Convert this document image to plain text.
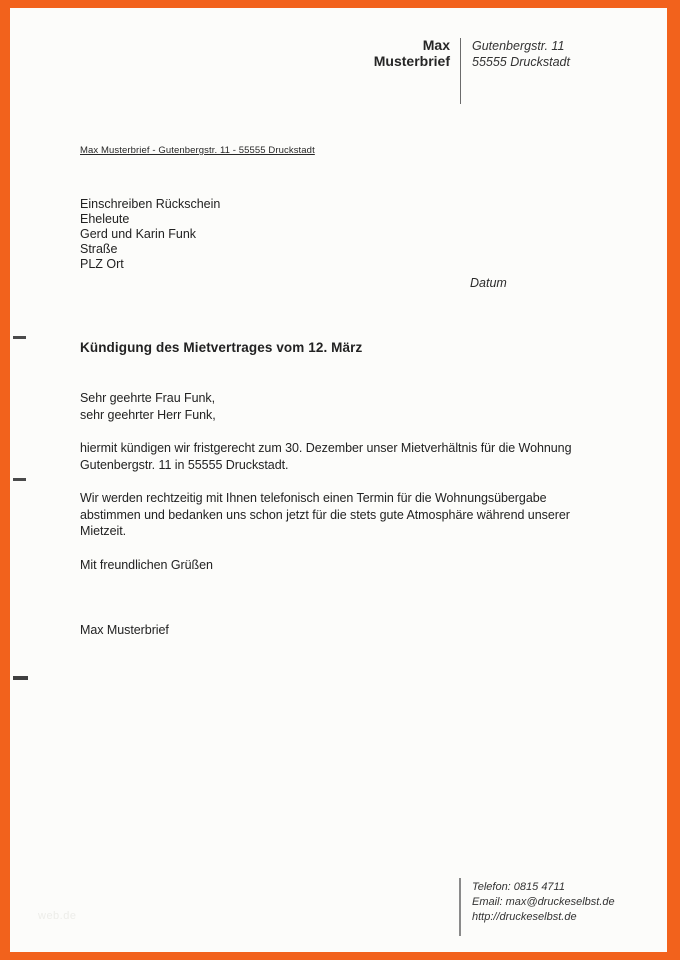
Max
Musterbrief
Gutenbergstr. 11
55555 Druckstadt
Max Musterbrief - Gutenbergstr. 11 - 55555 Druckstadt
Einschreiben Rückschein
Eheleute
Gerd und Karin Funk
Straße
PLZ Ort
Datum
Kündigung des Mietvertrages vom 12. März
Sehr geehrte Frau Funk,
sehr geehrter Herr Funk,
hiermit kündigen wir fristgerecht zum 30. Dezember unser Mietverhältnis für die Wohnung
Gutenbergstr. 11 in 55555 Druckstadt.
Wir werden rechtzeitig mit Ihnen telefonisch einen Termin für die Wohnungsübergabe
abstimmen und bedanken uns schon jetzt für die stets gute Atmosphäre während unserer
Mietzeit.
Mit freundlichen Grüßen
Max Musterbrief
Telefon: 0815 4711
Email: max@druckeselbst.de
http://druckeselbst.de
web.de
